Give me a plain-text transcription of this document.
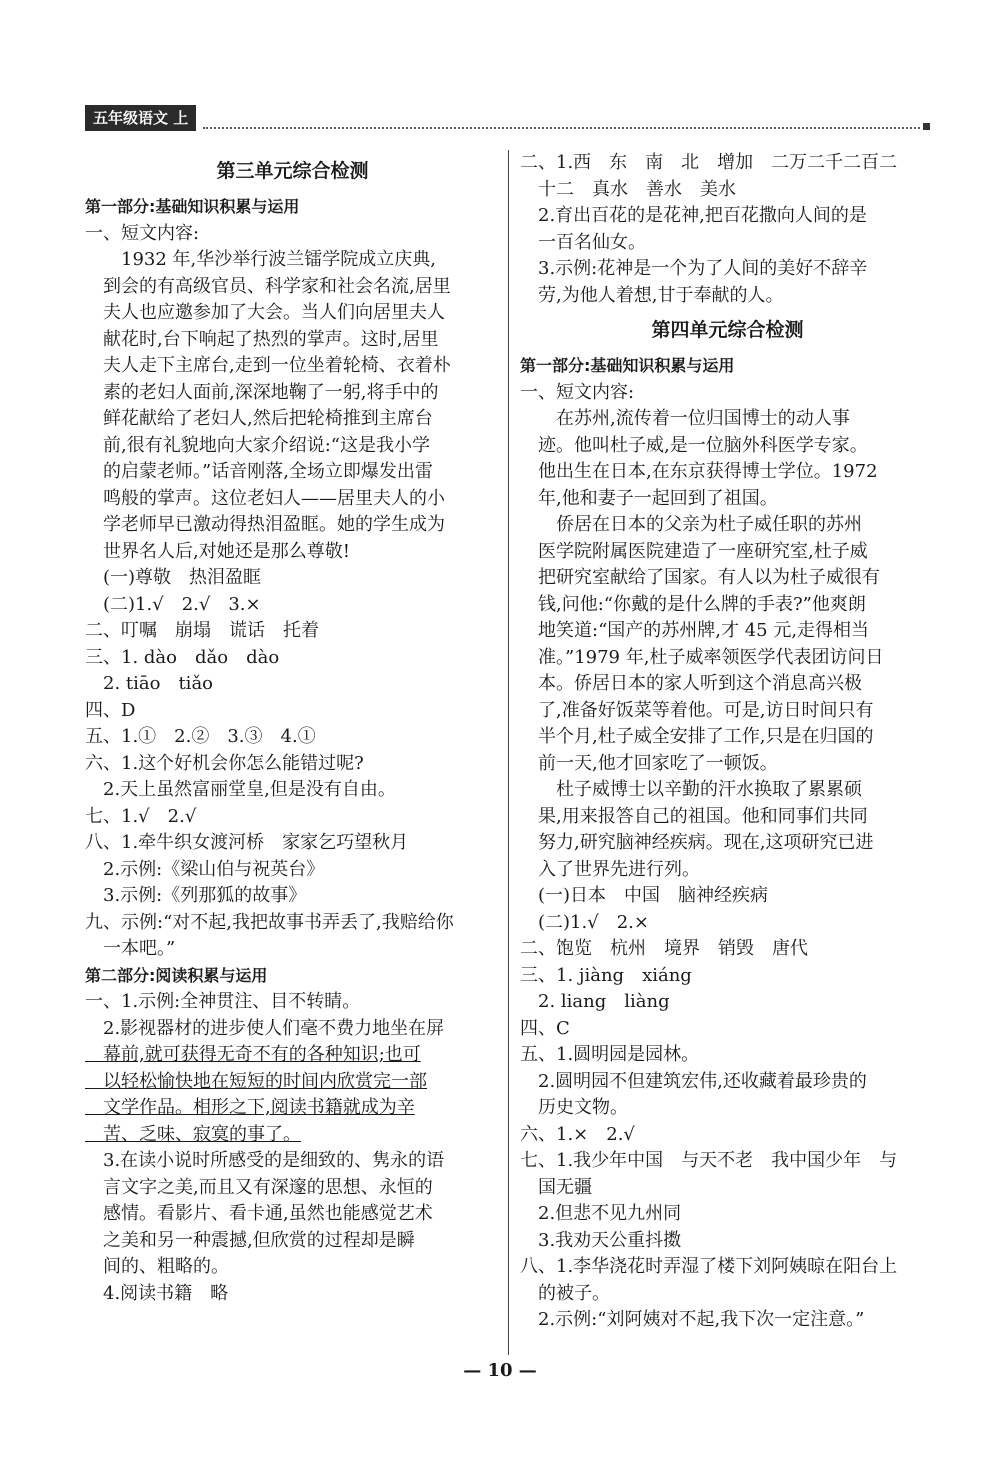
五年级语文 上
第三单元综合检测
第一部分:基础知识积累与运用
一、短文内容:
　　1932 年,华沙举行波兰镭学院成立庆典,
　到会的有高级官员、科学家和社会名流,居里
　夫人也应邀参加了大会。当人们向居里夫人
　献花时,台下响起了热烈的掌声。这时,居里
　夫人走下主席台,走到一位坐着轮椅、衣着朴
　素的老妇人面前,深深地鞠了一躬,将手中的
　鲜花献给了老妇人,然后把轮椅推到主席台
　前,很有礼貌地向大家介绍说:“这是我小学
　的启蒙老师。”话音刚落,全场立即爆发出雷
　鸣般的掌声。这位老妇人——居里夫人的小
　学老师早已激动得热泪盈眶。她的学生成为
　世界名人后,对她还是那么尊敬!
　(一)尊敬　热泪盈眶
　(二)1.√　2.√　3.×
二、叮嘱　崩塌　谎话　托着
三、1. dào　dǎo　dào
　2. tiāo　tiǎo
四、D
五、1.①　2.②　3.③　4.①
六、1.这个好机会你怎么能错过呢?
　2.天上虽然富丽堂皇,但是没有自由。
七、1.√　2.√
八、1.牵牛织女渡河桥　家家乞巧望秋月
　2.示例:《梁山伯与祝英台》
　3.示例:《列那狐的故事》
九、示例:“对不起,我把故事书弄丢了,我赔给你
　一本吧。”
第二部分:阅读积累与运用
一、1.示例:全神贯注、目不转睛。
　2.影视器材的进步使人们毫不费力地坐在屏
　幕前,就可获得无奇不有的各种知识;也可
　以轻松愉快地在短短的时间内欣赏完一部
　文学作品。相形之下,阅读书籍就成为辛
　苦、乏味、寂寞的事了。
　3.在读小说时所感受的是细致的、隽永的语
　言文字之美,而且又有深邃的思想、永恒的
　感情。看影片、看卡通,虽然也能感觉艺术
　之美和另一种震撼,但欣赏的过程却是瞬
　间的、粗略的。
　4.阅读书籍　略
二、1.西　东　南　北　增加　二万二千二百二
　十二　真水　善水　美水
　2.育出百花的是花神,把百花撒向人间的是
　一百名仙女。
　3.示例:花神是一个为了人间的美好不辞辛
　劳,为他人着想,甘于奉献的人。
第四单元综合检测
第一部分:基础知识积累与运用
一、短文内容:
　　在苏州,流传着一位归国博士的动人事
　迹。他叫杜子威,是一位脑外科医学专家。
　他出生在日本,在东京获得博士学位。1972
　年,他和妻子一起回到了祖国。
　　侨居在日本的父亲为杜子威任职的苏州
　医学院附属医院建造了一座研究室,杜子威
　把研究室献给了国家。有人以为杜子威很有
　钱,问他:“你戴的是什么牌的手表?”他爽朗
　地笑道:“国产的苏州牌,才 45 元,走得相当
　准。”1979 年,杜子威率领医学代表团访问日
　本。侨居日本的家人听到这个消息高兴极
　了,准备好饭菜等着他。可是,访日时间只有
　半个月,杜子威全安排了工作,只是在归国的
　前一天,他才回家吃了一顿饭。
　　杜子威博士以辛勤的汗水换取了累累硕
　果,用来报答自己的祖国。他和同事们共同
　努力,研究脑神经疾病。现在,这项研究已进
　入了世界先进行列。
　(一)日本　中国　脑神经疾病
　(二)1.√　2.×
二、饱览　杭州　境界　销毁　唐代
三、1. jiàng　xiáng
　2. liang　liàng
四、C
五、1.圆明园是园林。
　2.圆明园不但建筑宏伟,还收藏着最珍贵的
　历史文物。
六、1.×　2.√
七、1.我少年中国　与天不老　我中国少年　与
　国无疆
　2.但悲不见九州同
　3.我劝天公重抖擞
八、1.李华浇花时弄湿了楼下刘阿姨晾在阳台上
　的被子。
　2.示例:“刘阿姨对不起,我下次一定注意。”
— 10 —
